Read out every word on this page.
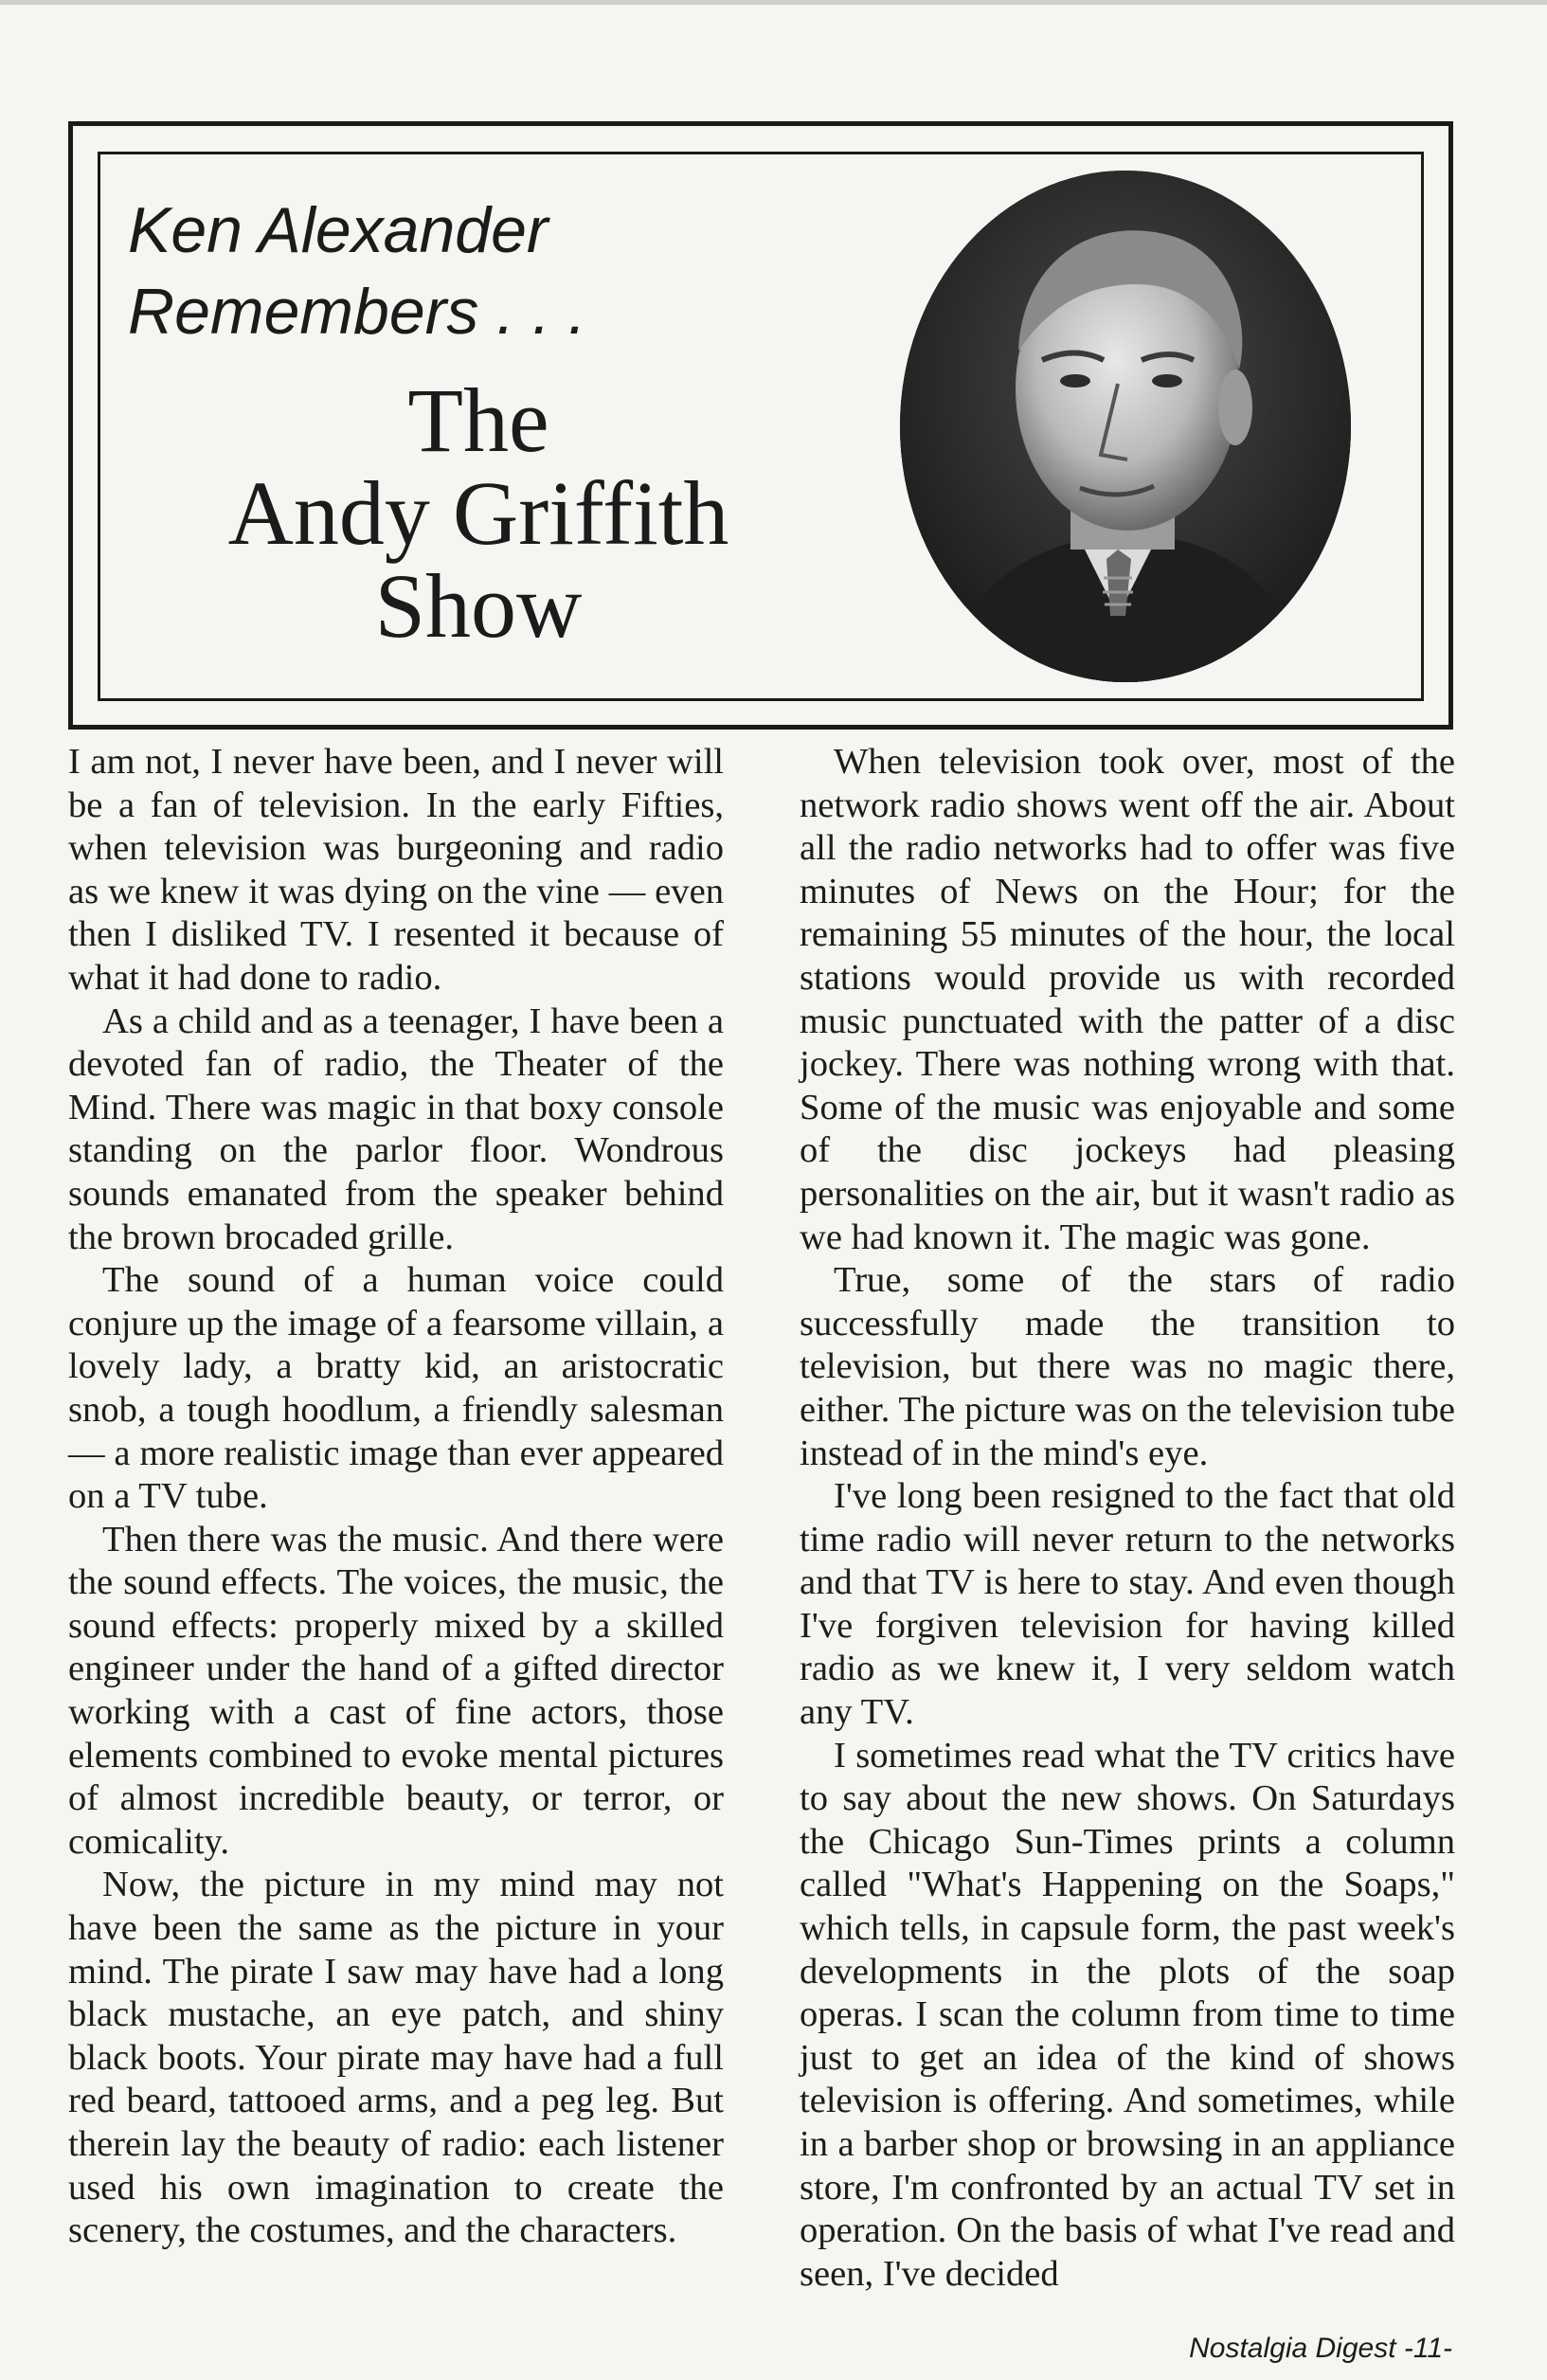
Ken Alexander
Remembers . . .
The
Andy Griffith
Show

I am not, I never have been, and I never will be a fan of television. In the early Fifties, when television was burgeoning and radio as we knew it was dying on the vine — even then I disliked TV. I resented it because of what it had done to radio.

As a child and as a teenager, I have been a devoted fan of radio, the Theater of the Mind. There was magic in that boxy console standing on the parlor floor. Wondrous sounds emanated from the speaker behind the brown brocaded grille.

The sound of a human voice could conjure up the image of a fearsome villain, a lovely lady, a bratty kid, an aristocratic snob, a tough hoodlum, a friendly salesman — a more realistic image than ever appeared on a TV tube.

Then there was the music. And there were the sound effects. The voices, the music, the sound effects: properly mixed by a skilled engineer under the hand of a gifted director working with a cast of fine actors, those elements combined to evoke mental pictures of almost incredible beauty, or terror, or comicality.

Now, the picture in my mind may not have been the same as the picture in your mind. The pirate I saw may have had a long black mustache, an eye patch, and shiny black boots. Your pirate may have had a full red beard, tattooed arms, and a peg leg. But therein lay the beauty of radio: each listener used his own imagination to create the scenery, the costumes, and the characters.

When television took over, most of the network radio shows went off the air. About all the radio networks had to offer was five minutes of News on the Hour; for the remaining 55 minutes of the hour, the local stations would provide us with recorded music punctuated with the patter of a disc jockey. There was nothing wrong with that. Some of the music was enjoyable and some of the disc jockeys had pleasing personalities on the air, but it wasn't radio as we had known it. The magic was gone.

True, some of the stars of radio successfully made the transition to television, but there was no magic there, either. The picture was on the television tube instead of in the mind's eye.

I've long been resigned to the fact that old time radio will never return to the networks and that TV is here to stay. And even though I've forgiven television for having killed radio as we knew it, I very seldom watch any TV.

I sometimes read what the TV critics have to say about the new shows. On Saturdays the Chicago Sun-Times prints a column called "What's Happening on the Soaps," which tells, in capsule form, the past week's developments in the plots of the soap operas. I scan the column from time to time just to get an idea of the kind of shows television is offering. And sometimes, while in a barber shop or browsing in an appliance store, I'm confronted by an actual TV set in operation. On the basis of what I've read and seen, I've decided

Nostalgia Digest -11-
